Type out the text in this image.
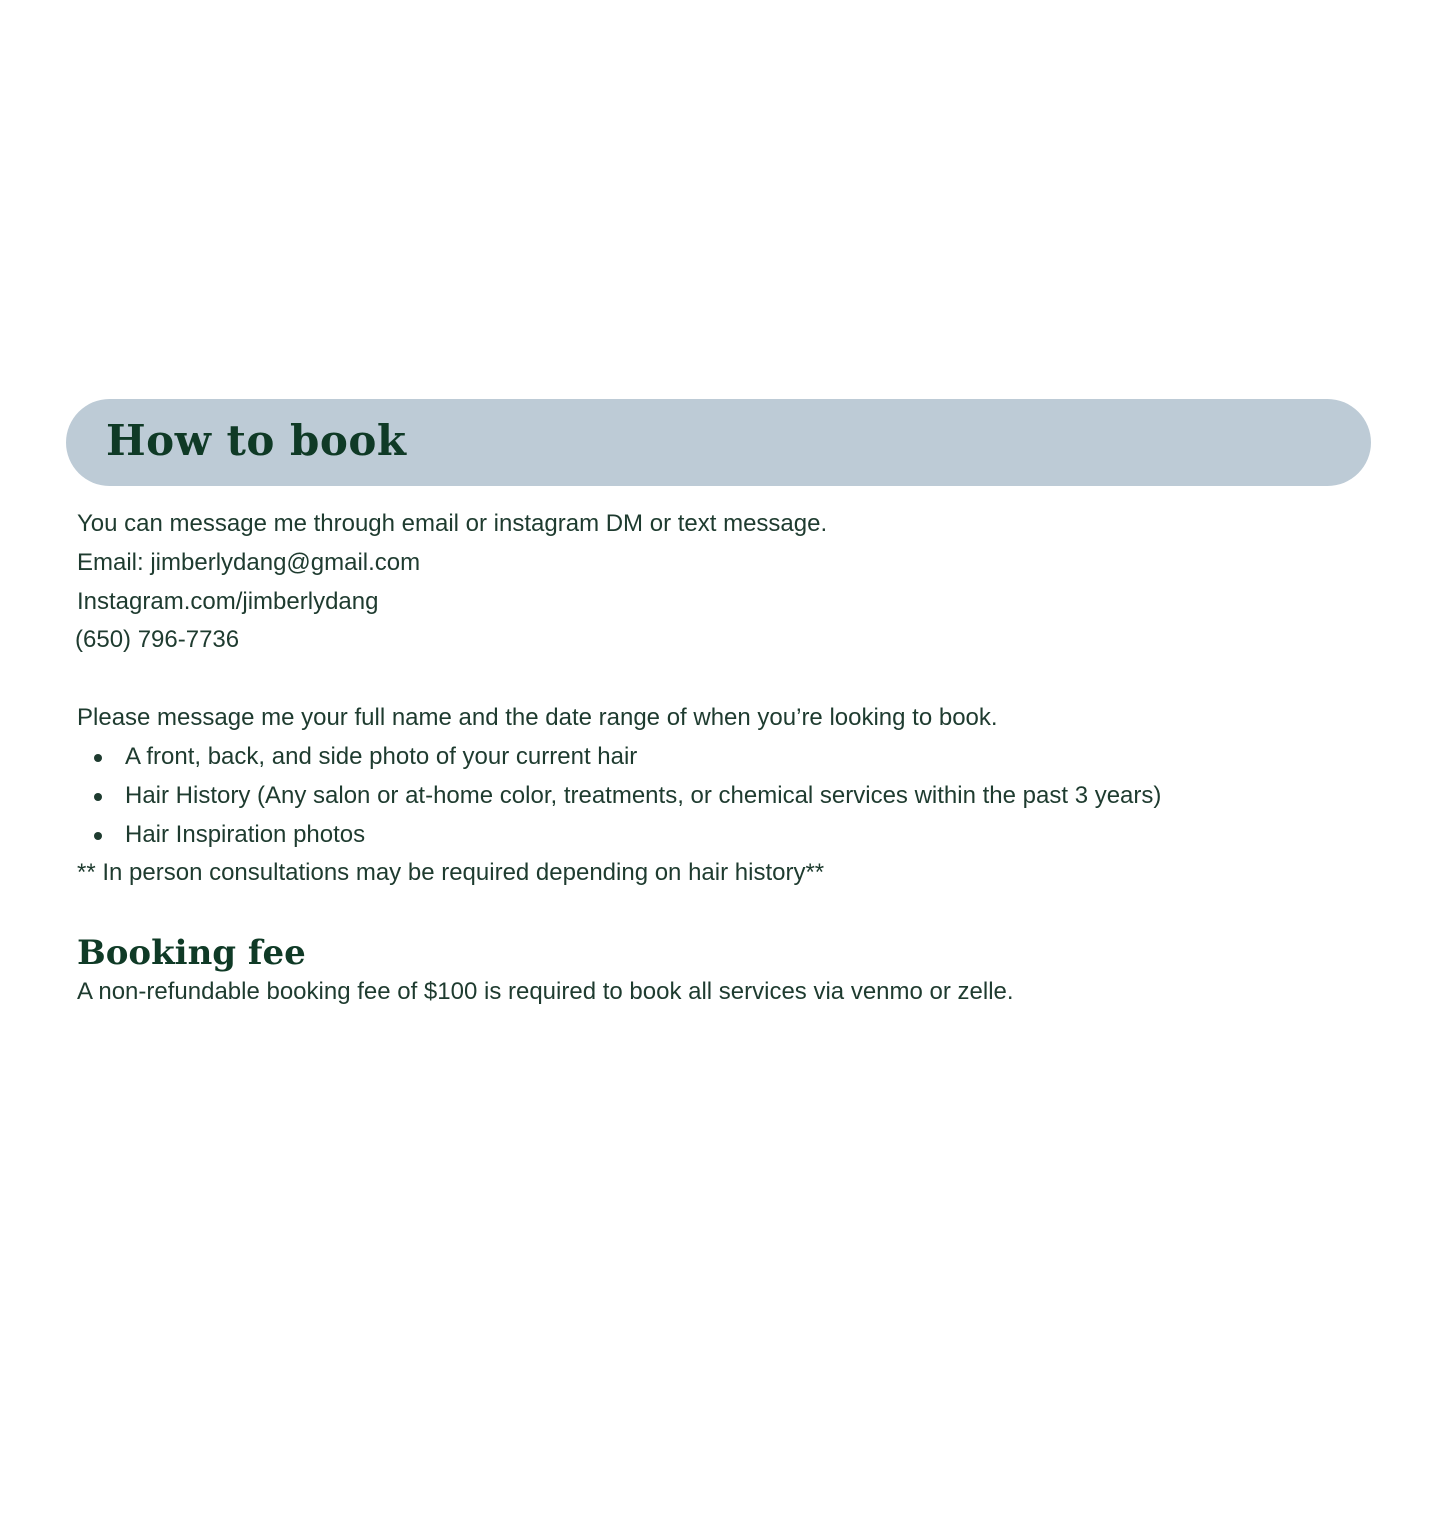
How to book

You can message me through email or instagram DM or text message.

Email: jimberlydang@gmail.com

Instagram.com/jimberlydang

(650) 796-7736

Please message me your full name and the date range of when you’re looking to book.

A front, back, and side photo of your current hair
Hair History (Any salon or at-home color, treatments, or chemical services within the past 3 years)
Hair Inspiration photos

** In person consultations may be required depending on hair history**

Booking fee

A non-refundable booking fee of $100 is required to book all services via venmo or zelle.
